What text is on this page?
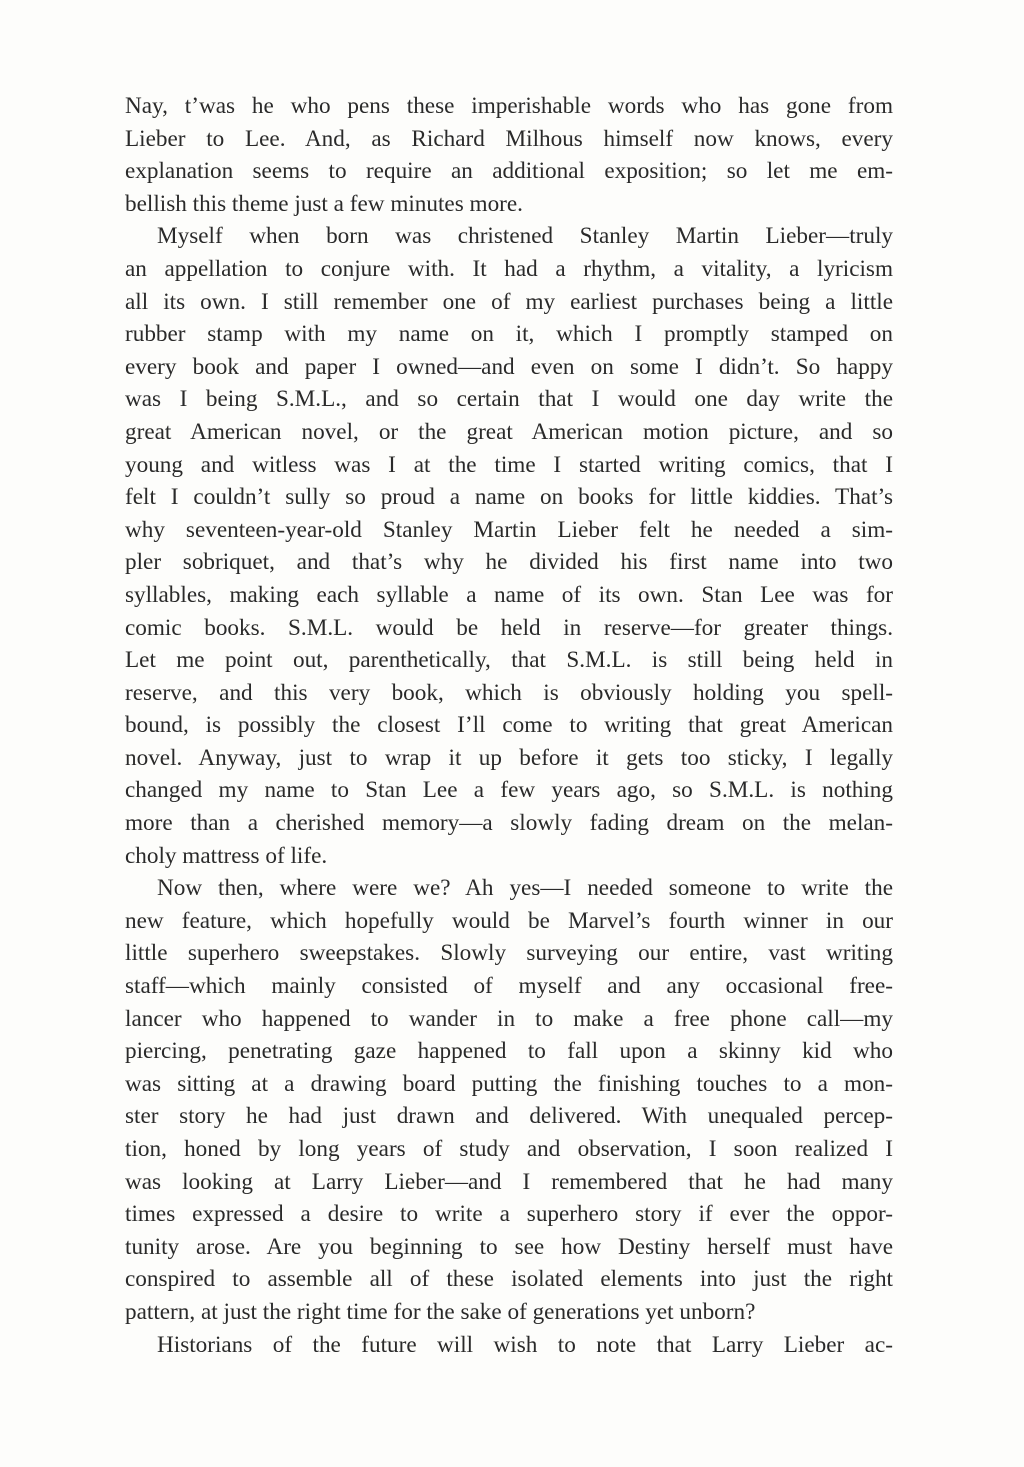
Nay, t’was he who pens these imperishable words who has gone from
Lieber to Lee. And, as Richard Milhous himself now knows, every
explanation seems to require an additional exposition; so let me em-
bellish this theme just a few minutes more.
Myself when born was christened Stanley Martin Lieber—truly
an appellation to conjure with. It had a rhythm, a vitality, a lyricism
all its own. I still remember one of my earliest purchases being a little
rubber stamp with my name on it, which I promptly stamped on
every book and paper I owned—and even on some I didn’t. So happy
was I being S.M.L., and so certain that I would one day write the
great American novel, or the great American motion picture, and so
young and witless was I at the time I started writing comics, that I
felt I couldn’t sully so proud a name on books for little kiddies. That’s
why seventeen-year-old Stanley Martin Lieber felt he needed a sim-
pler sobriquet, and that’s why he divided his first name into two
syllables, making each syllable a name of its own. Stan Lee was for
comic books. S.M.L. would be held in reserve—for greater things.
Let me point out, parenthetically, that S.M.L. is still being held in
reserve, and this very book, which is obviously holding you spell-
bound, is possibly the closest I’ll come to writing that great American
novel. Anyway, just to wrap it up before it gets too sticky, I legally
changed my name to Stan Lee a few years ago, so S.M.L. is nothing
more than a cherished memory—a slowly fading dream on the melan-
choly mattress of life.
Now then, where were we? Ah yes—I needed someone to write the
new feature, which hopefully would be Marvel’s fourth winner in our
little superhero sweepstakes. Slowly surveying our entire, vast writing
staff—which mainly consisted of myself and any occasional free-
lancer who happened to wander in to make a free phone call—my
piercing, penetrating gaze happened to fall upon a skinny kid who
was sitting at a drawing board putting the finishing touches to a mon-
ster story he had just drawn and delivered. With unequaled percep-
tion, honed by long years of study and observation, I soon realized I
was looking at Larry Lieber—and I remembered that he had many
times expressed a desire to write a superhero story if ever the oppor-
tunity arose. Are you beginning to see how Destiny herself must have
conspired to assemble all of these isolated elements into just the right
pattern, at just the right time for the sake of generations yet unborn?
Historians of the future will wish to note that Larry Lieber ac-
